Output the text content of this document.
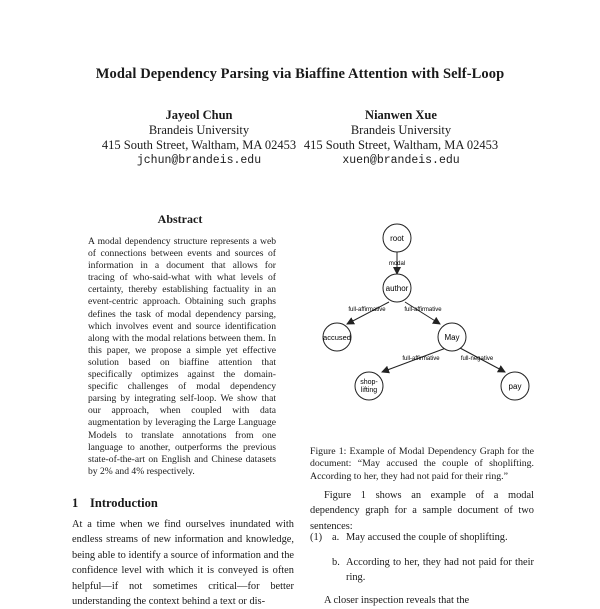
Modal Dependency Parsing via Biaffine Attention with Self-Loop
Jayeol Chun
Brandeis University
415 South Street, Waltham, MA 02453
jchun@brandeis.edu
Nianwen Xue
Brandeis University
415 South Street, Waltham, MA 02453
xuen@brandeis.edu
Abstract
A modal dependency structure represents a web of connections between events and sources of information in a document that allows for tracing of who-said-what with what levels of certainty, thereby establishing factuality in an event-centric approach. Obtaining such graphs defines the task of modal dependency parsing, which involves event and source identification along with the modal relations between them. In this paper, we propose a simple yet effective solution based on biaffine attention that specifically optimizes against the domain-specific challenges of modal dependency parsing by integrating self-loop. We show that our approach, when coupled with data augmentation by leveraging the Large Language Models to translate annotations from one language to another, outperforms the previous state-of-the-art on English and Chinese datasets by 2% and 4% respectively.
1 Introduction
At a time when we find ourselves inundated with endless streams of new information and knowledge, being able to identify a source of information and the confidence level with which it is conveyed is often helpful—if not sometimes critical—for better understanding the context behind a text or dis-
modal
full-affirmative	full-affirmative
full-affirmative	full-negative
root
author
accused	May
shop-
lifting	pay
Figure 1: Example of Modal Dependency Graph for the document: “May accused the couple of shoplifting. According to her, they had not paid for their ring.”
Figure 1 shows an example of a modal dependency graph for a sample document of two sentences:
(1) a. May accused the couple of shoplifting.
b. According to her, they had not paid for their ring.
A closer inspection reveals that the
